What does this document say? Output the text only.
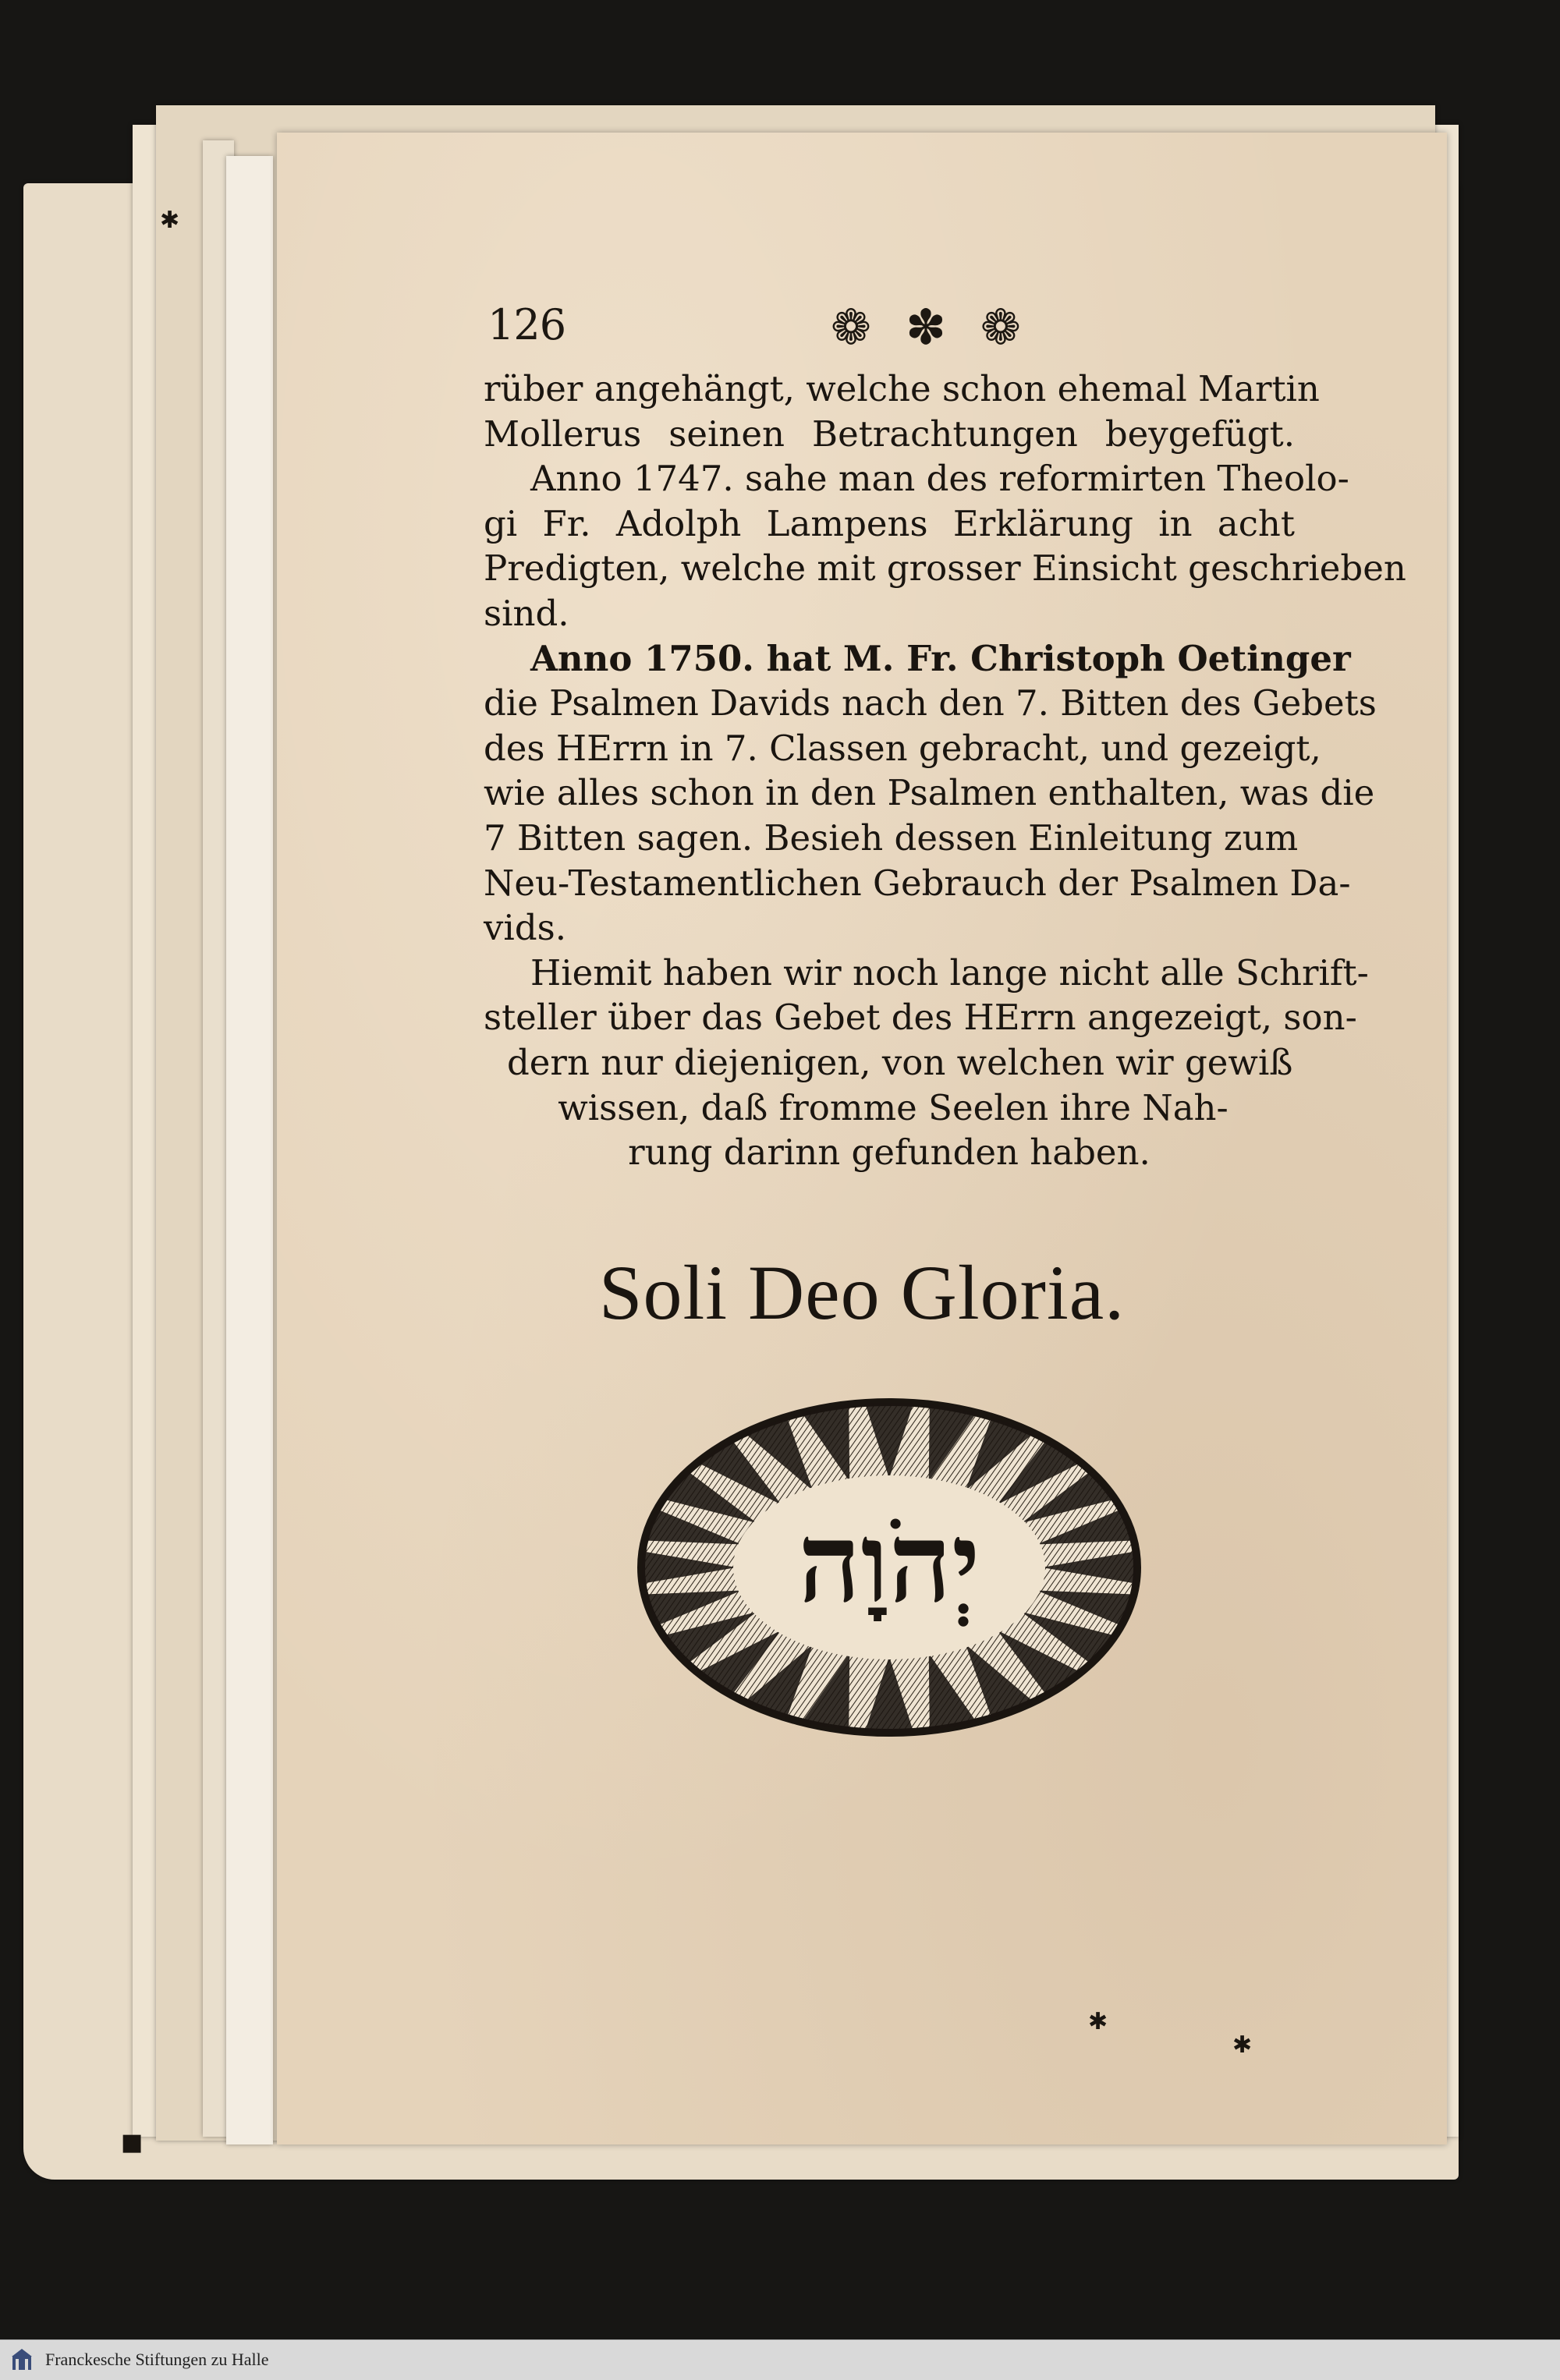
126	❁ ✽ ❁
rüber angehängt, welche schon ehemal Martin
Mollerus seinen Betrachtungen beygefügt.
Anno 1747. sahe man des reformirten Theolo-
gi Fr. Adolph Lampens Erklärung in acht
Predigten, welche mit grosser Einsicht geschrieben
sind.
Anno 1750. hat M. Fr. Christoph Oetinger
die Psalmen Davids nach den 7. Bitten des Gebets
des HErrn in 7. Classen gebracht, und gezeigt,
wie alles schon in den Psalmen enthalten, was die
7 Bitten sagen. Besieh dessen Einleitung zum
Neu-Testamentlichen Gebrauch der Psalmen Da-
vids.
Hiemit haben wir noch lange nicht alle Schrift-
steller über das Gebet des HErrn angezeigt, son-
dern nur diejenigen, von welchen wir gewiß
wissen, daß fromme Seelen ihre Nah-
rung darinn gefunden haben.
Soli Deo Gloria.
יְהֹוָה
✱
✱
✱
■
Franckesche Stiftungen zu Halle
